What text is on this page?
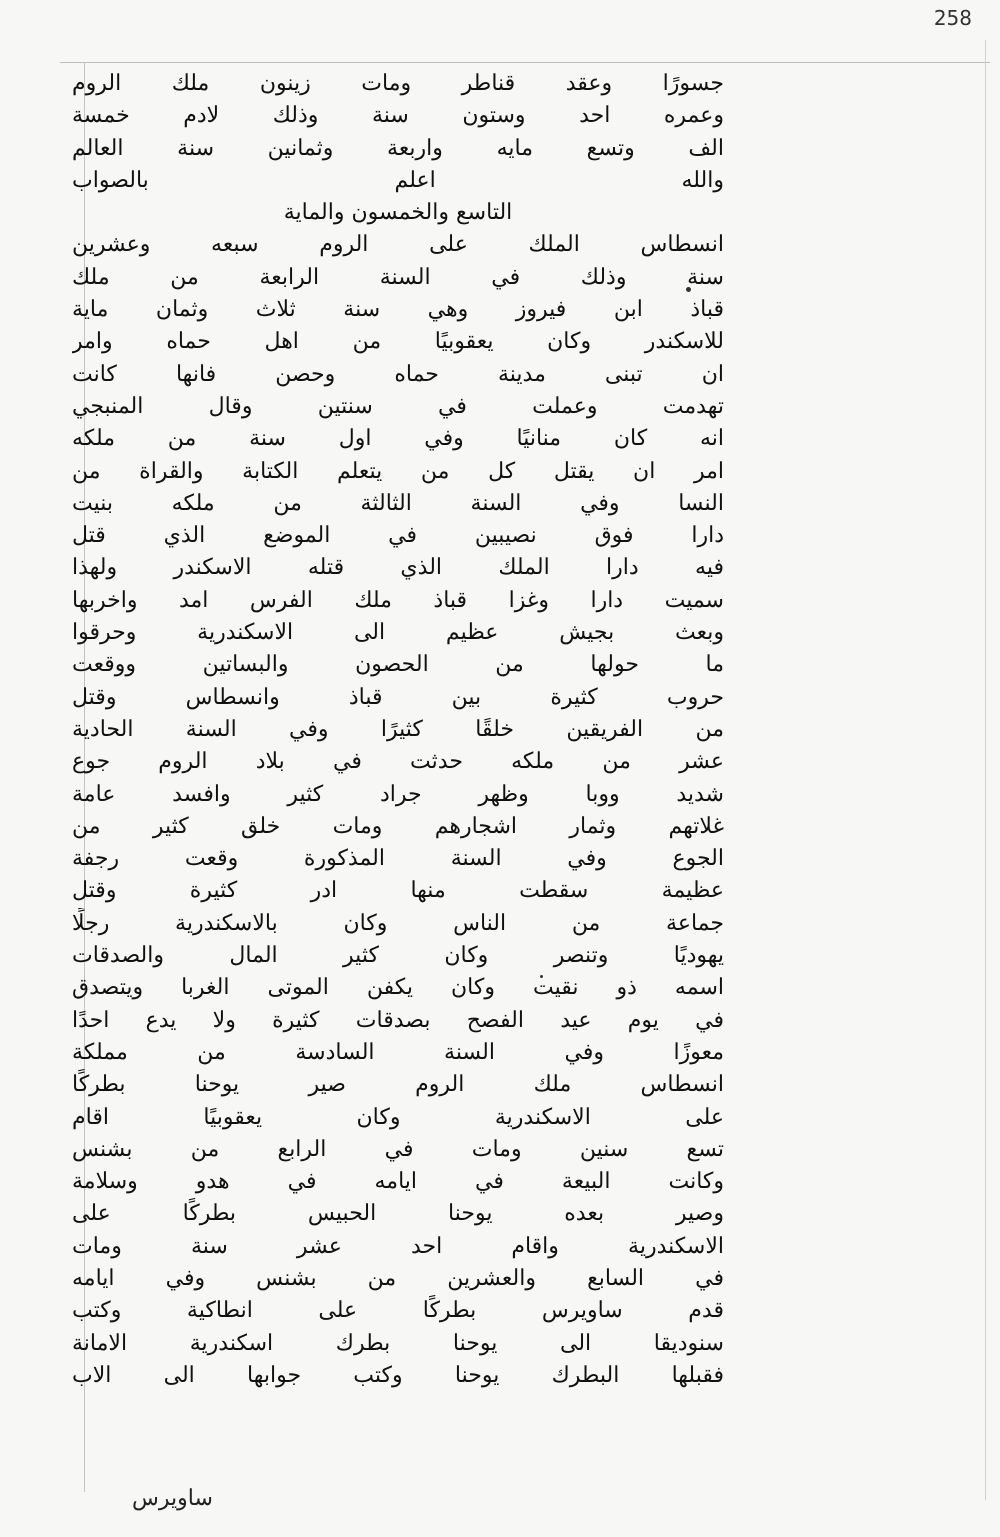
258
جسورًا وعقد قناطر ومات زينون ملك الروم
وعمره احد وستون سنة وذلك لادم خمسة
الف وتسع مايه واربعة وثمانين سنة العالم
والله اعلم بالصواب
التاسع والخمسون والماية
انسطاس الملك على الروم سبعه وعشرين
سنة وذلك في السنة الرابعة من ملك
قباذ ابن فيروز وهي سنة ثلاث وثمان ماية
للاسكندر وكان يعقوبيًا من اهل حماه وامر
ان تبنى مدينة حماه وحصن فانها كانت
تهدمت وعملت في سنتين وقال المنبجي
انه كان منانيًا وفي اول سنة من ملكه
امر ان يقتل كل من يتعلم الكتابة والقراة من
النسا وفي السنة الثالثة من ملكه بنيت
دارا فوق نصيبين في الموضع الذي قتل
فيه دارا الملك الذي قتله الاسكندر ولهذا
سميت دارا وغزا قباذ ملك الفرس امد واخربها
وبعث بجيش عظيم الى الاسكندرية وحرقوا
ما حولها من الحصون والبساتين ووقعت
حروب كثيرة بين قباذ وانسطاس وقتل
من الفريقين خلقًا كثيرًا وفي السنة الحادية
عشر من ملكه حدثت في بلاد الروم جوع
شديد ووبا وظهر جراد كثير وافسد عامة
غلاتهم وثمار اشجارهم ومات خلق كثير من
الجوع وفي السنة المذكورة وقعت رجفة
عظيمة سقطت منها ادر كثيرة وقتل
جماعة من الناس وكان بالاسكندرية رجلًا
يهوديًا وتنصر وكان كثير المال والصدقات
اسمه ذو نقيت وكان يكفن الموتى الغربا ويتصدق
في يوم عيد الفصح بصدقات كثيرة ولا يدع احدًا
معوزًا وفي السنة السادسة من مملكة
انسطاس ملك الروم صير يوحنا بطركًا
على الاسكندرية وكان يعقوبيًا اقام
تسع سنين ومات في الرابع من بشنس
وكانت البيعة في ايامه في هدو وسلامة
وصير بعده يوحنا الحبيس بطركًا على
الاسكندرية واقام احد عشر سنة ومات
في السابع والعشرين من بشنس وفي ايامه
قدم ساويرس بطركًا على انطاكية وكتب
سنوديقا الى يوحنا بطرك اسكندرية الامانة
فقبلها البطرك يوحنا وكتب جوابها الى الاب
ساويرس
